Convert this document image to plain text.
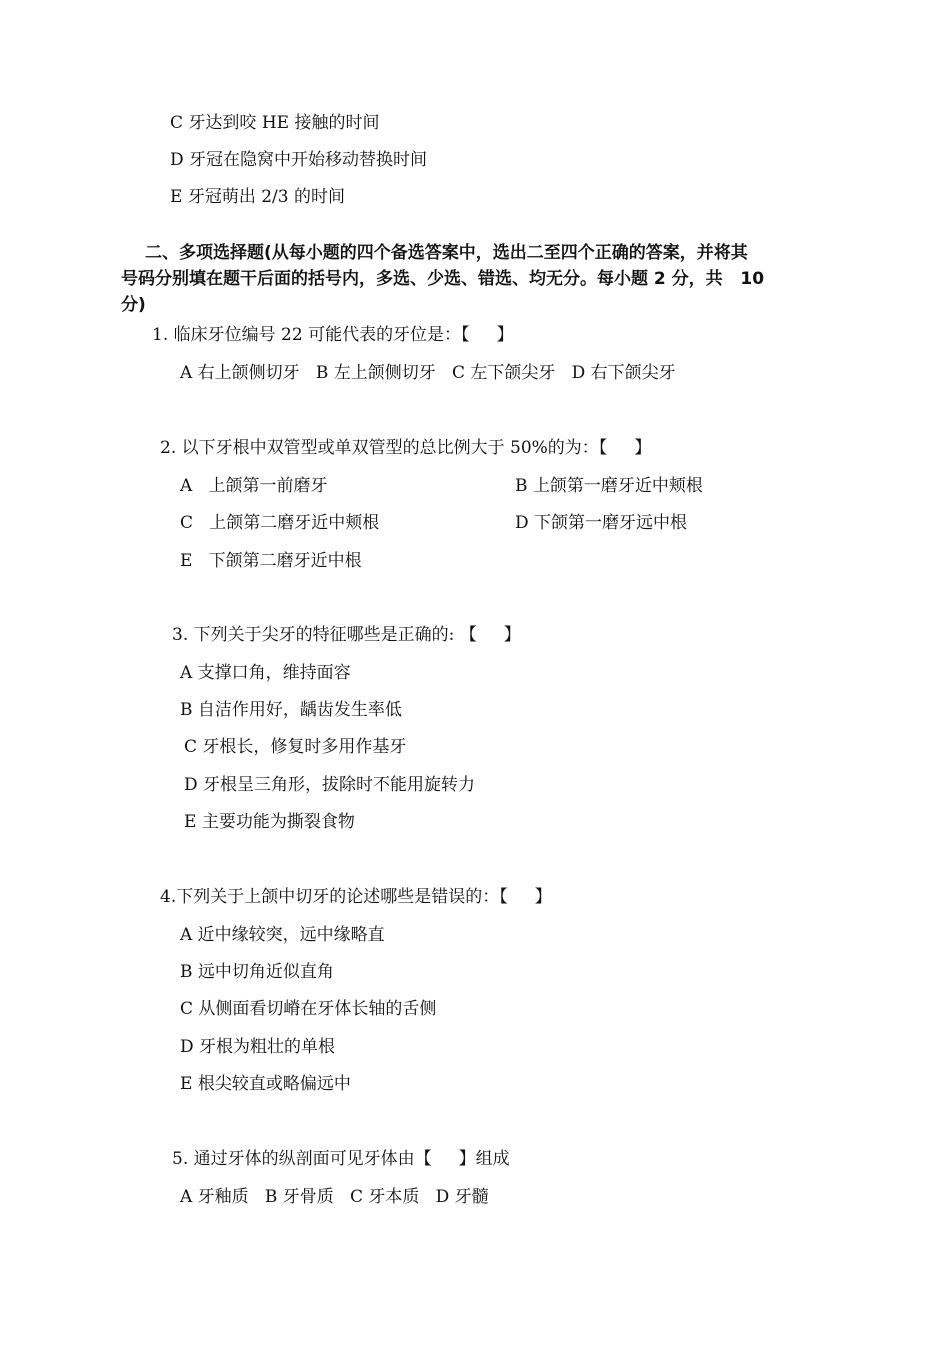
C 牙达到咬 HE 接触的时间
D 牙冠在隐窝中开始移动替换时间
E 牙冠萌出 2/3 的时间
二、多项选择题(从每小题的四个备选答案中，选出二至四个正确的答案，并将其
号码分别填在题干后面的括号内，多选、少选、错选、均无分。每小题 2 分，共   10
分)
1. 临床牙位编号 22 可能代表的牙位是：【     】
A 右上颌侧切牙   B 左上颌侧切牙   C 左下颌尖牙   D 右下颌尖牙
2. 以下牙根中双管型或单双管型的总比例大于 50%的为：【     】
A   上颌第一前磨牙	B 上颌第一磨牙近中颊根
C   上颌第二磨牙近中颊根	D 下颌第一磨牙远中根
E   下颌第二磨牙近中根
3. 下列关于尖牙的特征哪些是正确的: 【     】
A 支撑口角，维持面容
B 自洁作用好，龋齿发生率低
C 牙根长，修复时多用作基牙
D 牙根呈三角形，拔除时不能用旋转力
E 主要功能为撕裂食物
4.下列关于上颌中切牙的论述哪些是错误的：【     】
A 近中缘较突，远中缘略直
B 远中切角近似直角
C 从侧面看切嵴在牙体长轴的舌侧
D 牙根为粗壮的单根
E 根尖较直或略偏远中
5. 通过牙体的纵剖面可见牙体由【     】组成
A 牙釉质   B 牙骨质   C 牙本质   D 牙髓
